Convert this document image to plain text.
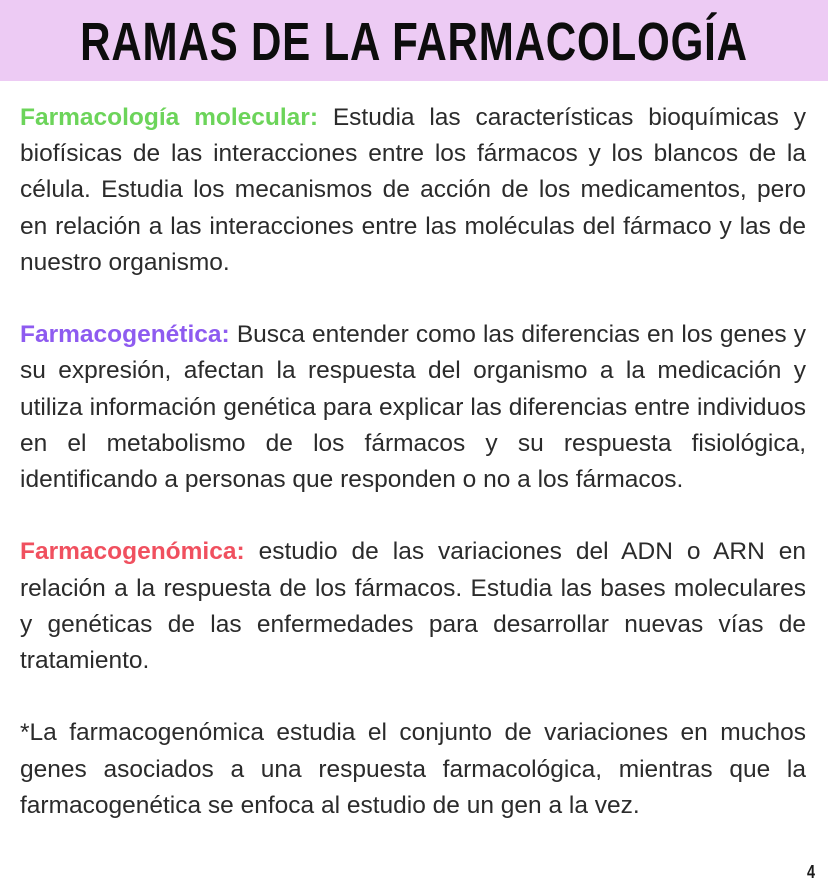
RAMAS DE LA FARMACOLOGÍA

Farmacología molecular: Estudia las características bioquímicas y biofísicas de las interacciones entre los fármacos y los blancos de la célula. Estudia los mecanismos de acción de los medicamentos, pero en relación a las interacciones entre las moléculas del fármaco y las de nuestro organismo.

Farmacogenética: Busca entender como las diferencias en los genes y su expresión, afectan la respuesta del organismo a la medicación y utiliza información genética para explicar las diferencias entre individuos en el metabolismo de los fármacos y su respuesta fisiológica, identificando a personas que responden o no a los fármacos.

Farmacogenómica: estudio de las variaciones del ADN o ARN en relación a la respuesta de los fármacos. Estudia las bases moleculares y genéticas de las enfermedades para desarrollar nuevas vías de tratamiento.

*La farmacogenómica estudia el conjunto de variaciones en muchos genes asociados a una respuesta farmacológica, mientras que la farmacogenética se enfoca al estudio de un gen a la vez.

4
